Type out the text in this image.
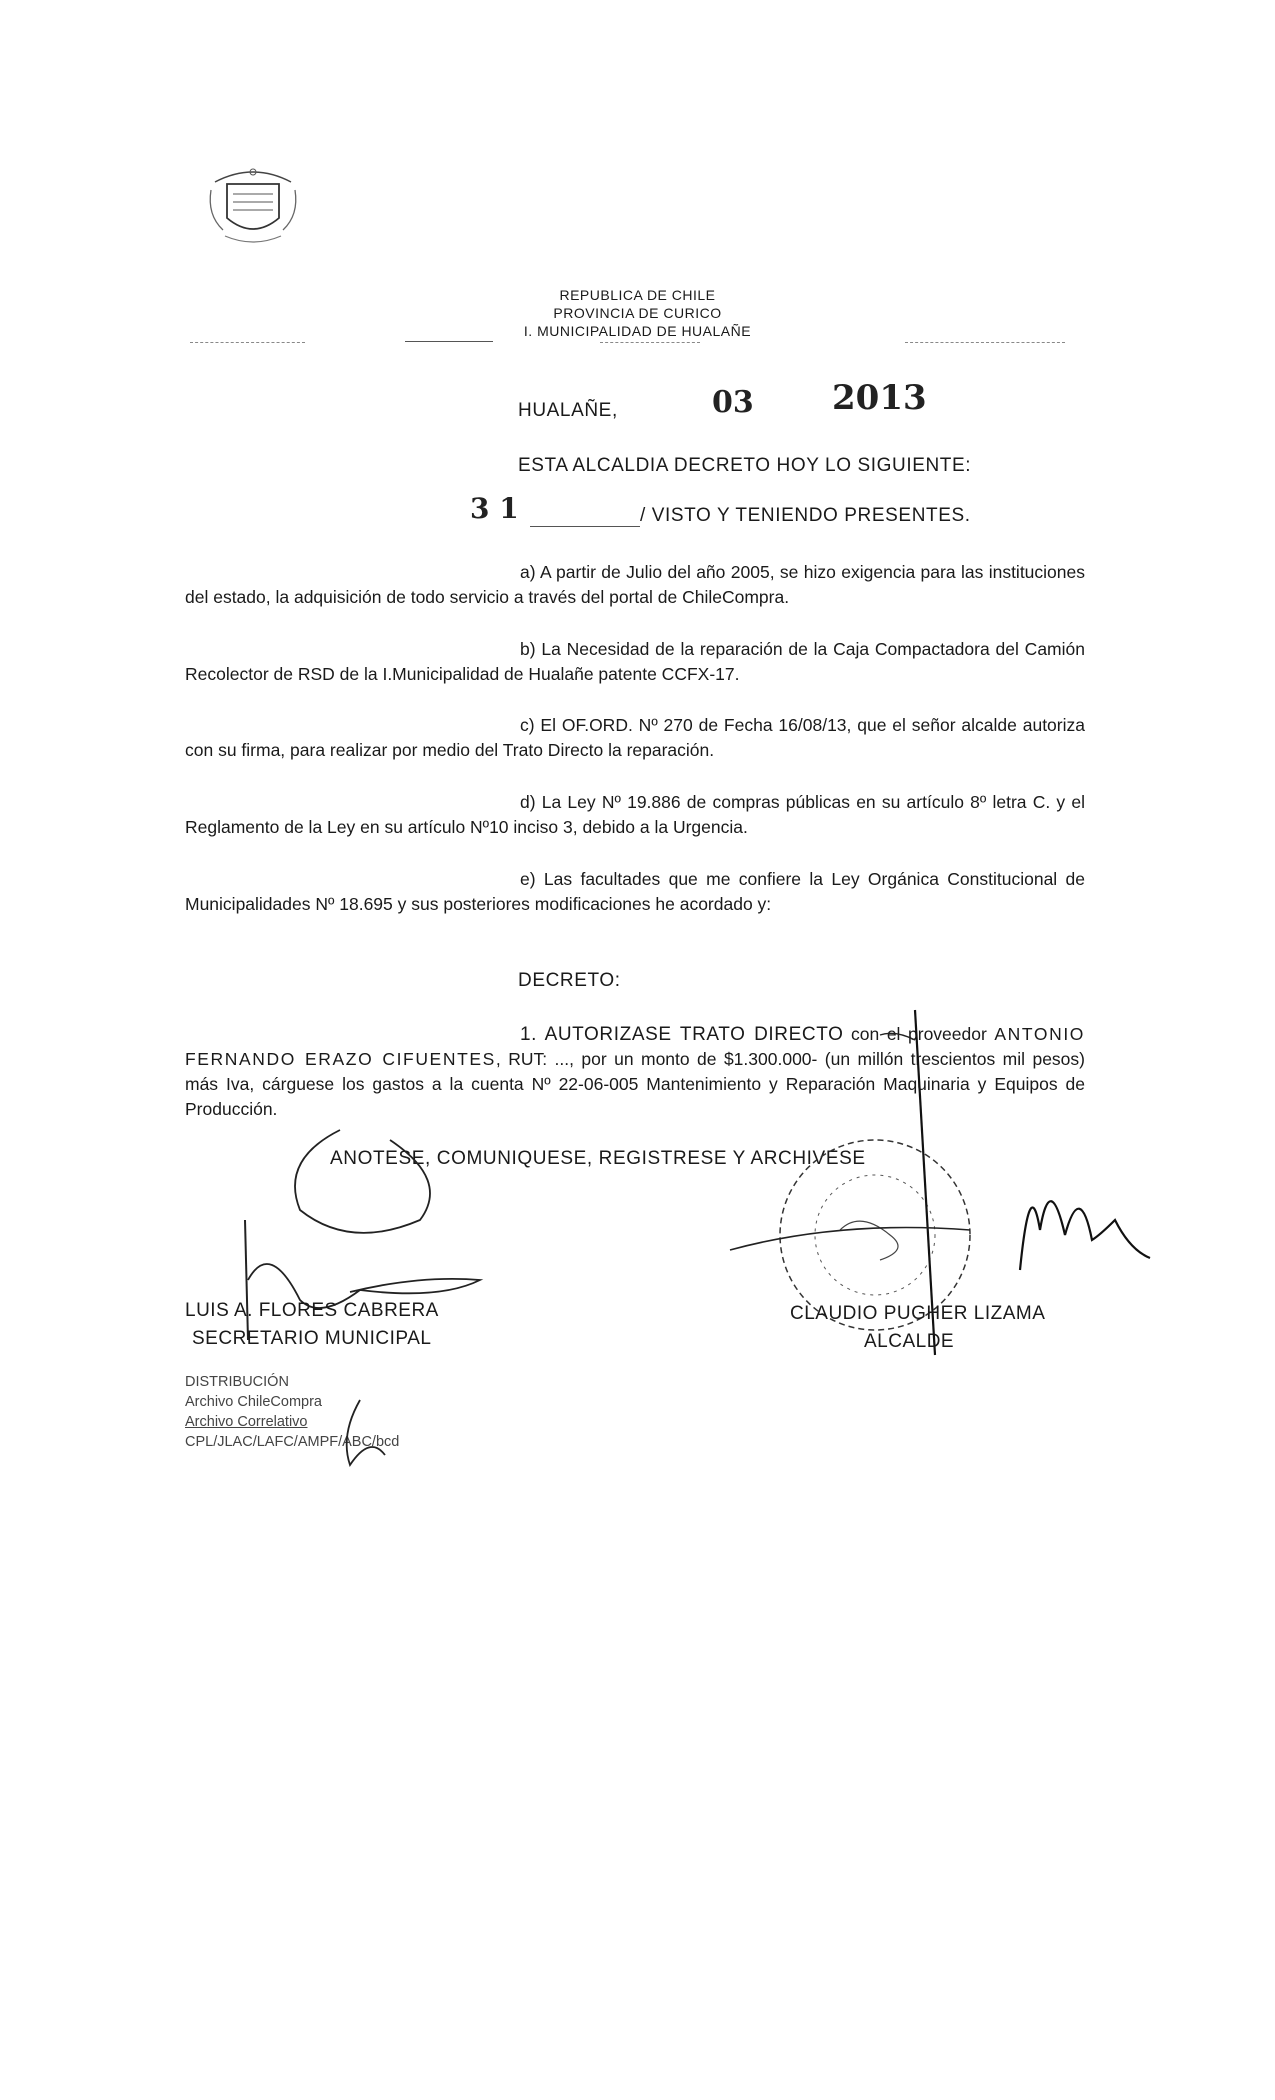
REPUBLICA DE CHILE
PROVINCIA DE CURICO
I. MUNICIPALIDAD DE HUALAÑE
HUALAÑE,	03 2013
ESTA ALCALDIA DECRETO HOY LO SIGUIENTE:
3 1	/ VISTO Y TENIENDO PRESENTES.
a) A partir de Julio del año 2005, se hizo exigencia para las instituciones del estado, la adquisición de todo servicio a través del portal de ChileCompra.
b) La Necesidad de la reparación de la Caja Compactadora del Camión Recolector de RSD de la I.Municipalidad de Hualañe patente CCFX-17.
c) El OF.ORD. Nº 270 de Fecha 16/08/13, que el señor alcalde autoriza con su firma, para realizar por medio del Trato Directo la reparación.
d) La Ley Nº 19.886 de compras públicas en su artículo 8º letra C. y el Reglamento de la Ley en su artículo Nº10 inciso 3, debido a la Urgencia.
e) Las facultades que me confiere la Ley Orgánica Constitucional de Municipalidades Nº 18.695 y sus posteriores modificaciones he acordado y:
DECRETO:
1. AUTORIZASE TRATO DIRECTO con el proveedor ANTONIO FERNANDO ERAZO CIFUENTES, RUT: ..., por un monto de $1.300.000- (un millón trescientos mil pesos) más Iva, cárguese los gastos a la cuenta Nº 22-06-005 Mantenimiento y Reparación Maquinaria y Equipos de Producción.
ANOTESE, COMUNIQUESE, REGISTRESE Y ARCHIVESE
LUIS A. FLORES CABRERA
SECRETARIO MUNICIPAL
CLAUDIO PUGHER LIZAMA
ALCALDE
DISTRIBUCIÓN
Archivo ChileCompra
Archivo Correlativo
CPL/JLAC/LAFC/AMPF/ABC/bcd
